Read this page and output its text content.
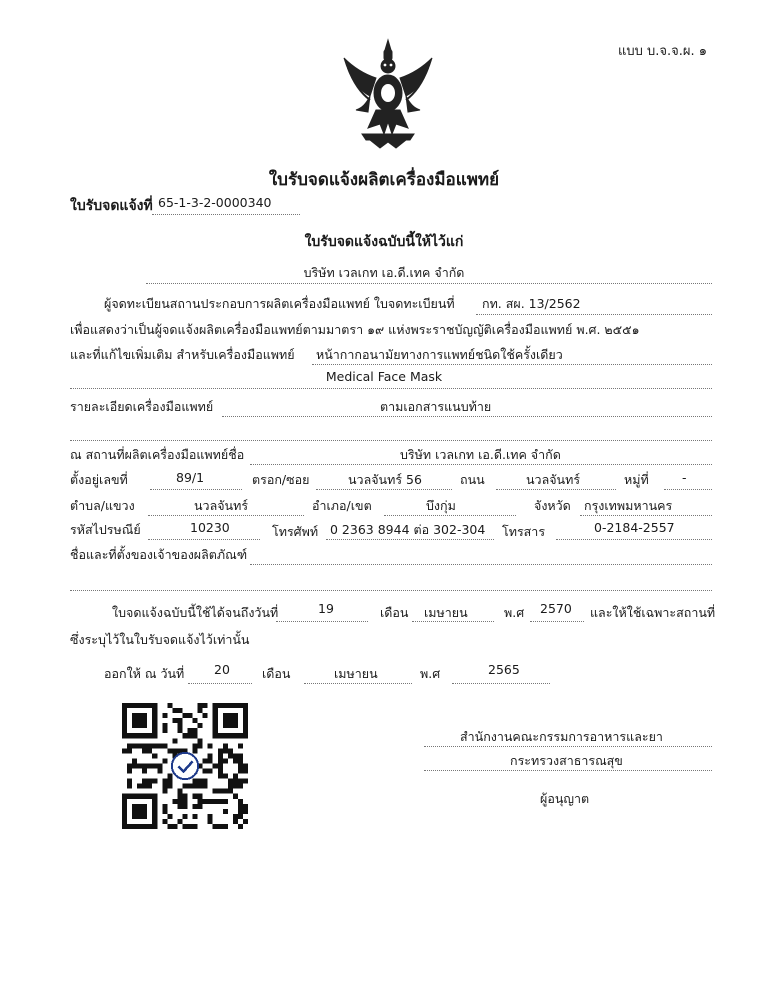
แบบ บ.จ.จ.ผ. ๑
ใบรับจดแจ้งผลิตเครื่องมือแพทย์
ใบรับจดแจ้งที่ 65-1-3-2-0000340
ใบรับจดแจ้งฉบับนี้ให้ไว้แก่
บริษัท เวลเกท เอ.ดี.เทค จำกัด
ผู้จดทะเบียนสถานประกอบการผลิตเครื่องมือแพทย์ ใบจดทะเบียนที่ กท. สผ. 13/2562
เพื่อแสดงว่าเป็นผู้จดแจ้งผลิตเครื่องมือแพทย์ตามมาตรา ๑๙ แห่งพระราชบัญญัติเครื่องมือแพทย์ พ.ศ. ๒๕๕๑
และที่แก้ไขเพิ่มเติม สำหรับเครื่องมือแพทย์ หน้ากากอนามัยทางการแพทย์ชนิดใช้ครั้งเดียว
Medical Face Mask
รายละเอียดเครื่องมือแพทย์	ตามเอกสารแนบท้าย
ณ สถานที่ผลิตเครื่องมือแพทย์ชื่อ	บริษัท เวลเกท เอ.ดี.เทค จำกัด
ตั้งอยู่เลขที่	89/1	ตรอก/ซอย	นวลจันทร์ 56	ถนน	นวลจันทร์	หมู่ที่	-
ตำบล/แขวง	นวลจันทร์	อำเภอ/เขต	บึงกุ่ม	จังหวัด กรุงเทพมหานคร
รหัสไปรษณีย์	10230	โทรศัพท์ 0 2363 8944 ต่อ 302-304 โทรสาร	0-2184-2557
ชื่อและที่ตั้งของเจ้าของผลิตภัณฑ์
ใบจดแจ้งฉบับนี้ใช้ได้จนถึงวันที่	19	เดือน เมษายน	พ.ศ 2570 และให้ใช้เฉพาะสถานที่
ซึ่งระบุไว้ในใบรับจดแจ้งไว้เท่านั้น
ออกให้ ณ วันที่ 20	เดือน	เมษายน	พ.ศ	2565
สำนักงานคณะกรรมการอาหารและยา
กระทรวงสาธารณสุข
ผู้อนุญาต
